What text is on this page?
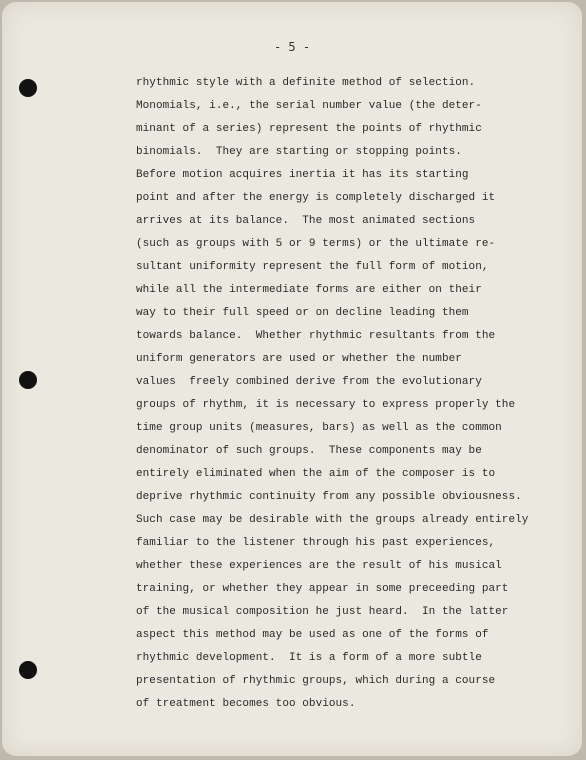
- 5 -
rhythmic style with a definite method of selection.
Monomials, i.e., the serial number value (the deter-
minant of a series) represent the points of rhythmic
binomials.  They are starting or stopping points.
Before motion acquires inertia it has its starting
point and after the energy is completely discharged it
arrives at its balance.  The most animated sections
(such as groups with 5 or 9 terms) or the ultimate re-
sultant uniformity represent the full form of motion,
while all the intermediate forms are either on their
way to their full speed or on decline leading them
towards balance.  Whether rhythmic resultants from the
uniform generators are used or whether the number
values  freely combined derive from the evolutionary
groups of rhythm, it is necessary to express properly the
time group units (measures, bars) as well as the common
denominator of such groups.  These components may be
entirely eliminated when the aim of the composer is to
deprive rhythmic continuity from any possible obviousness.
Such case may be desirable with the groups already entirely
familiar to the listener through his past experiences,
whether these experiences are the result of his musical
training, or whether they appear in some preceeding part
of the musical composition he just heard.  In the latter
aspect this method may be used as one of the forms of
rhythmic development.  It is a form of a more subtle
presentation of rhythmic groups, which during a course
of treatment becomes too obvious.
